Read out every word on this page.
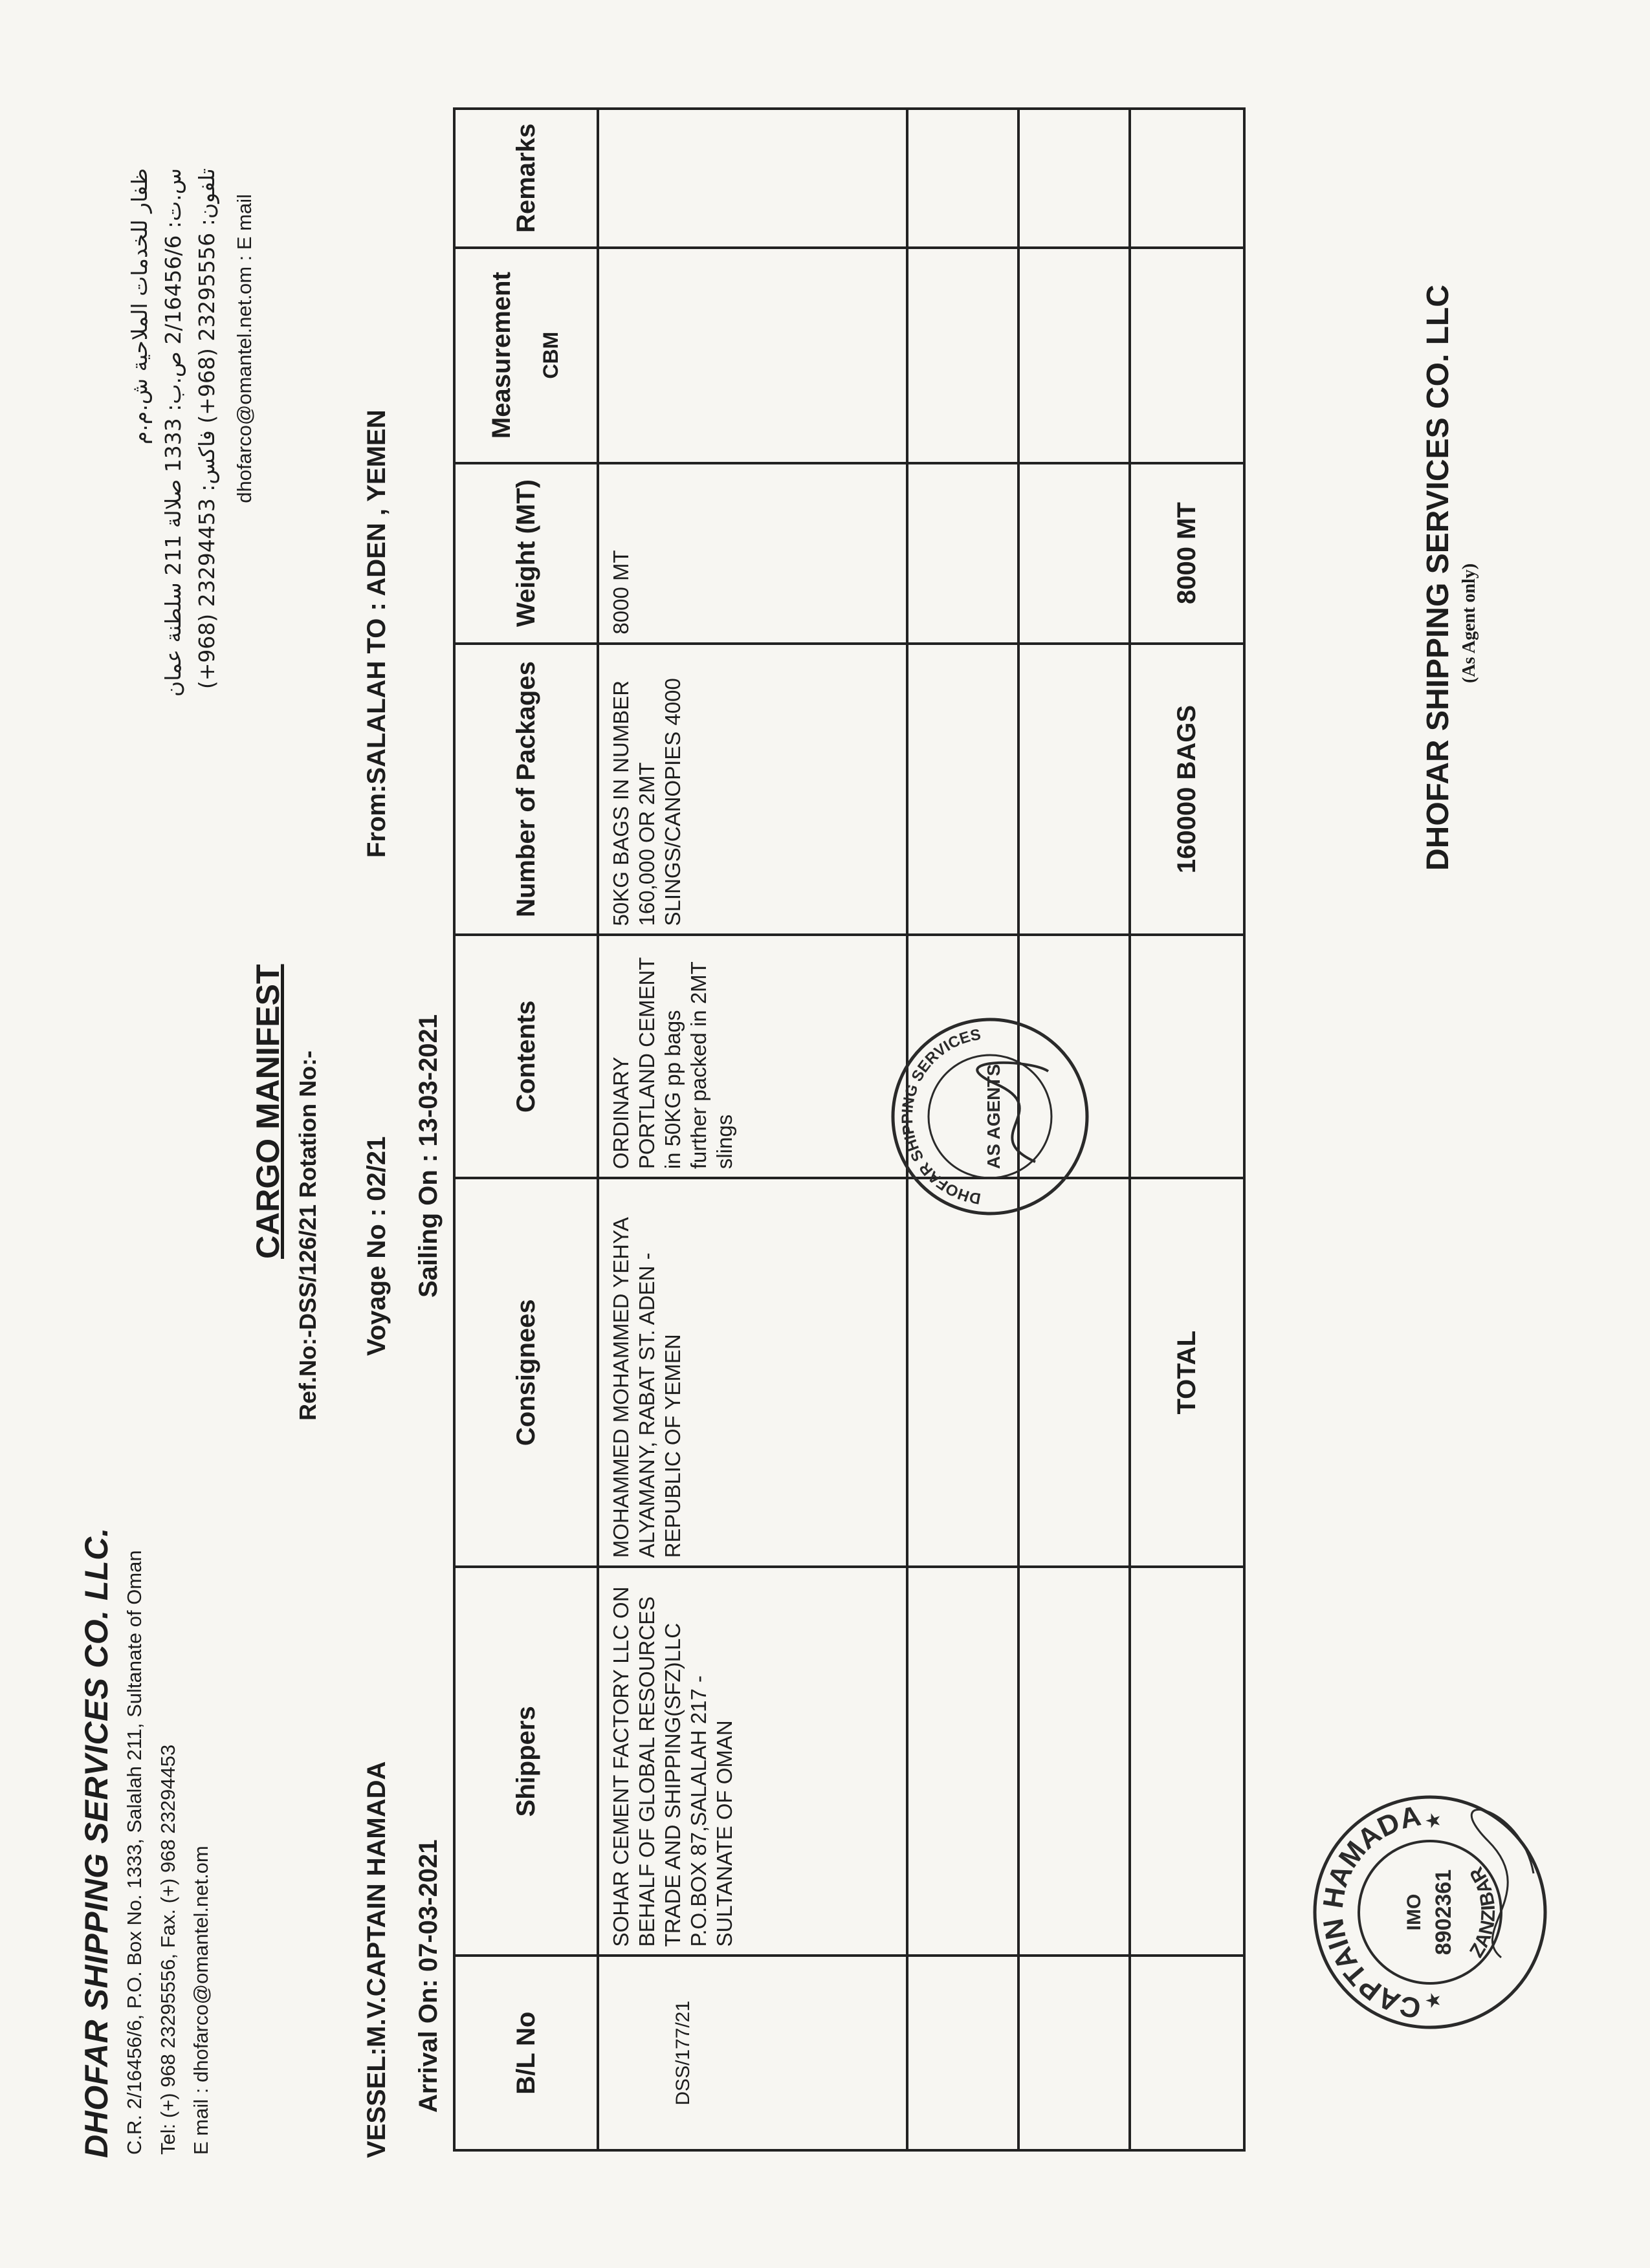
DHOFAR SHIPPING SERVICES CO. LLC. C.R. 2/16456/6, P.O. Box No. 1333, Salalah 211, Sultanate of Oman Tel: (+) 968 23295556, Fax. (+) 968 23294453 E mail : dhofarco@omantel.net.om
ظفار للخدمات الملاحية ش.م.م
س.ت: 2/16456/6 ص.ب: 1333 صلالة 211 سلطنة عمان
تلفون: 23295556 (968+) فاكس: 23294453 (968+) dhofarco@omantel.net.om : E mail
CARGO MANIFEST Ref.No:-DSS/126/21 Rotation No:-
VESSEL:M.V.CAPTAIN HAMADA
Voyage No : 02/21
From:SALALAH TO : ADEN , YEMEN
Arrival On: 07-03-2021
Sailing On : 13-03-2021
B/L No	Shippers	Consignees	Contents	Number of Packages	Weight (MT)	Measurement CBM	Remarks
DSS/177/21	SOHAR CEMENT FACTORY LLC ON BEHALF OF GLOBAL RESOURCES TRADE AND SHIPPING(SFZ)LLC P.O.BOX 87,SALALAH 217 -SULTANATE OF OMAN	MOHAMMED MOHAMMED YEHYA ALYAMANY, RABAT ST. ADEN - REPUBLIC OF YEMEN	ORDINARY PORTLAND CEMENT in 50KG pp bags further packed in 2MT slings	50KG BAGS IN NUMBER 160,000 OR 2MT SLINGS/CANOPIES 4000	8000 MT		

		TOTAL		160000 BAGS	8000 MT		
CAPTAIN HAMADA
ZANZIBAR
IMO 8902361
★
★
DHOFAR SHIPPING SERVICES
AS AGENTS
DHOFAR SHIPPING SERVICES CO. LLC (As Agent only)
